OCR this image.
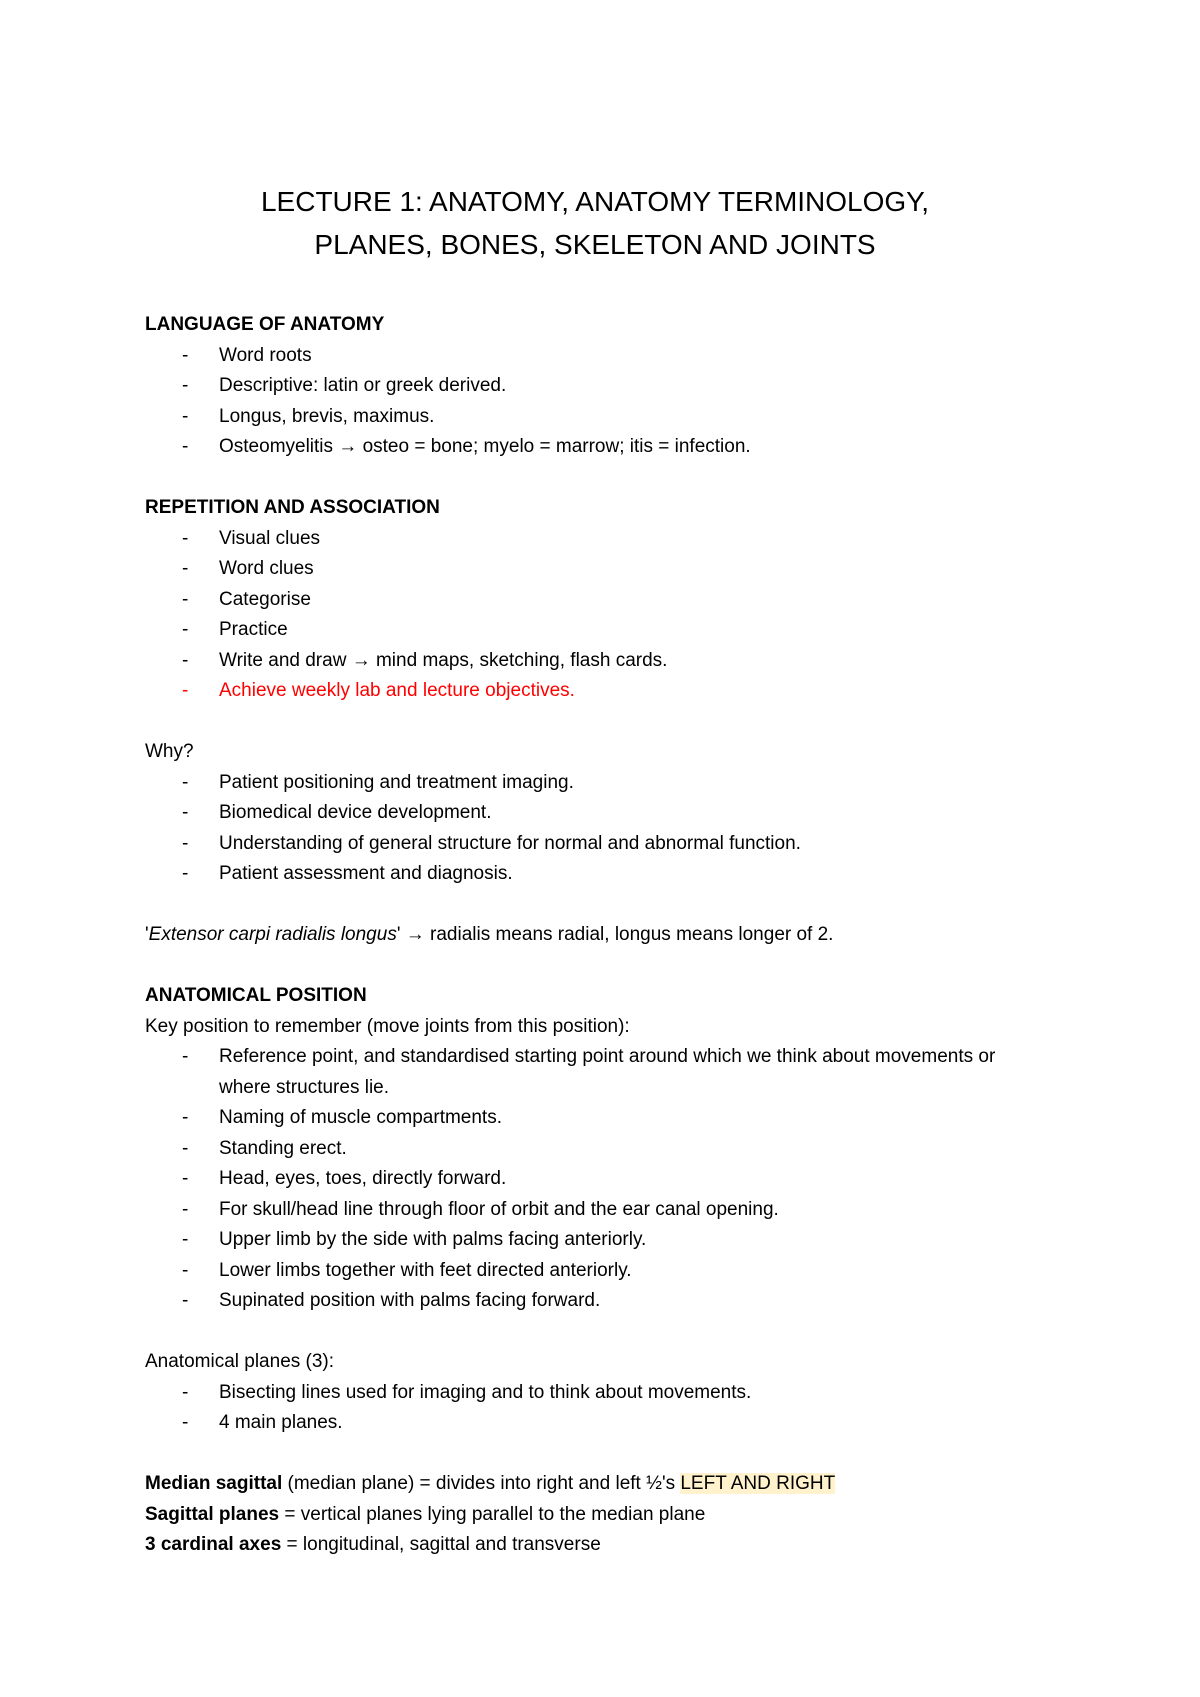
LECTURE 1: ANATOMY, ANATOMY TERMINOLOGY,
PLANES, BONES, SKELETON AND JOINTS

LANGUAGE OF ANATOMY

- Word roots
- Descriptive: latin or greek derived.
- Longus, brevis, maximus.
- Osteomyelitis → osteo = bone; myelo = marrow; itis = infection.

REPETITION AND ASSOCIATION

- Visual clues
- Word clues
- Categorise
- Practice
- Write and draw → mind maps, sketching, flash cards.
- Achieve weekly lab and lecture objectives.

Why?

- Patient positioning and treatment imaging.
- Biomedical device development.
- Understanding of general structure for normal and abnormal function.
- Patient assessment and diagnosis.

'Extensor carpi radialis longus' → radialis means radial, longus means longer of 2.

ANATOMICAL POSITION

Key position to remember (move joints from this position):

- Reference point, and standardised starting point around which we think about movements or where structures lie.
- Naming of muscle compartments.
- Standing erect.
- Head, eyes, toes, directly forward.
- For skull/head line through floor of orbit and the ear canal opening.
- Upper limb by the side with palms facing anteriorly.
- Lower limbs together with feet directed anteriorly.
- Supinated position with palms facing forward.

Anatomical planes (3):

- Bisecting lines used for imaging and to think about movements.
- 4 main planes.

Median sagittal (median plane) = divides into right and left ½'s LEFT AND RIGHT

Sagittal planes = vertical planes lying parallel to the median plane

3 cardinal axes = longitudinal, sagittal and transverse
